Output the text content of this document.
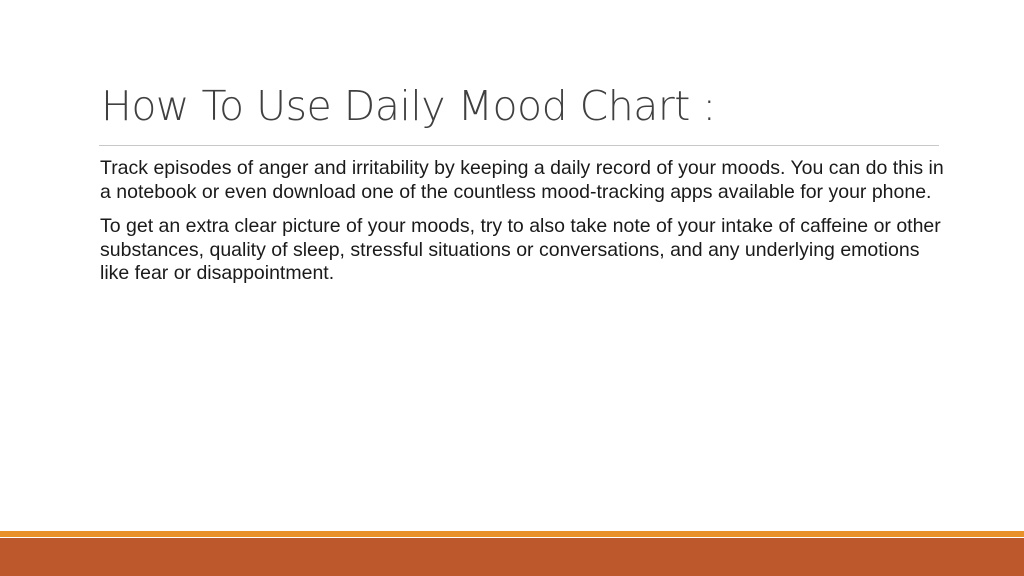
How To Use Daily Mood Chart :

Track episodes of anger and irritability by keeping a daily record of your moods. You can do this in a notebook or even download one of the countless mood-tracking apps available for your phone.

To get an extra clear picture of your moods, try to also take note of your intake of caffeine or other substances, quality of sleep, stressful situations or conversations, and any underlying emotions like fear or disappointment.
